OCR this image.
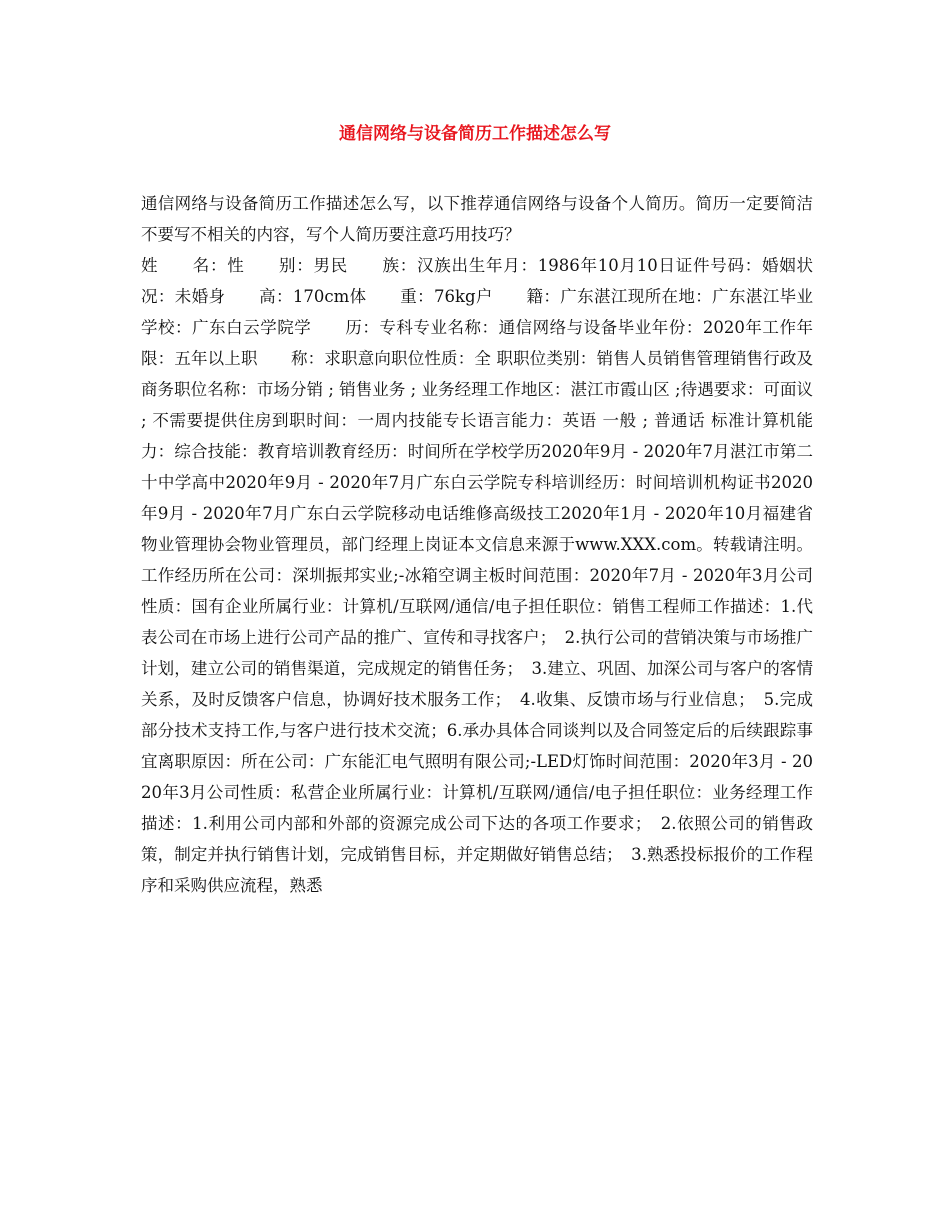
通信网络与设备简历工作描述怎么写

通信网络与设备简历工作描述怎么写，以下推荐通信网络与设备个人简历。简历一定要简洁不要写不相关的内容，写个人简历要注意巧用技巧？

姓　　名：性　　别：男民　　族：汉族出生年月：1986年10月10日证件号码：婚姻状况：未婚身　　高：170cm体　　重：76kg户　　籍：广东湛江现所在地：广东湛江毕业学校：广东白云学院学　　历：专科专业名称：通信网络与设备毕业年份：2020年工作年限：五年以上职　　称：求职意向职位性质：全 职职位类别：销售人员销售管理销售行政及商务职位名称：市场分销 ; 销售业务 ; 业务经理工作地区：湛江市霞山区 ;待遇要求：可面议 ; 不需要提供住房到职时间：一周内技能专长语言能力：英语 一般 ; 普通话 标准计算机能力：综合技能：教育培训教育经历：时间所在学校学历2020年9月 - 2020年7月湛江市第二十中学高中2020年9月 - 2020年7月广东白云学院专科培训经历：时间培训机构证书2020年9月 - 2020年7月广东白云学院移动电话维修高级技工2020年1月 - 2020年10月福建省物业管理协会物业管理员，部门经理上岗证本文信息来源于www.XXX.com。转载请注明。工作经历所在公司：深圳振邦实业;-冰箱空调主板时间范围：2020年7月 - 2020年3月公司性质：国有企业所属行业：计算机/互联网/通信/电子担任职位：销售工程师工作描述：1.代表公司在市场上进行公司产品的推广、宣传和寻找客户；　2.执行公司的营销决策与市场推广计划，建立公司的销售渠道，完成规定的销售任务；　3.建立、巩固、加深公司与客户的客情关系，及时反馈客户信息，协调好技术服务工作；　4.收集、反馈市场与行业信息；　5.完成部分技术支持工作,与客户进行技术交流；6.承办具体合同谈判以及合同签定后的后续跟踪事宜离职原因：所在公司：广东能汇电气照明有限公司;-LED灯饰时间范围：2020年3月 - 2020年3月公司性质：私营企业所属行业：计算机/互联网/通信/电子担任职位：业务经理工作描述：1.利用公司内部和外部的资源完成公司下达的各项工作要求；　2.依照公司的销售政策，制定并执行销售计划，完成销售目标，并定期做好销售总结；　3.熟悉投标报价的工作程序和采购供应流程，熟悉
